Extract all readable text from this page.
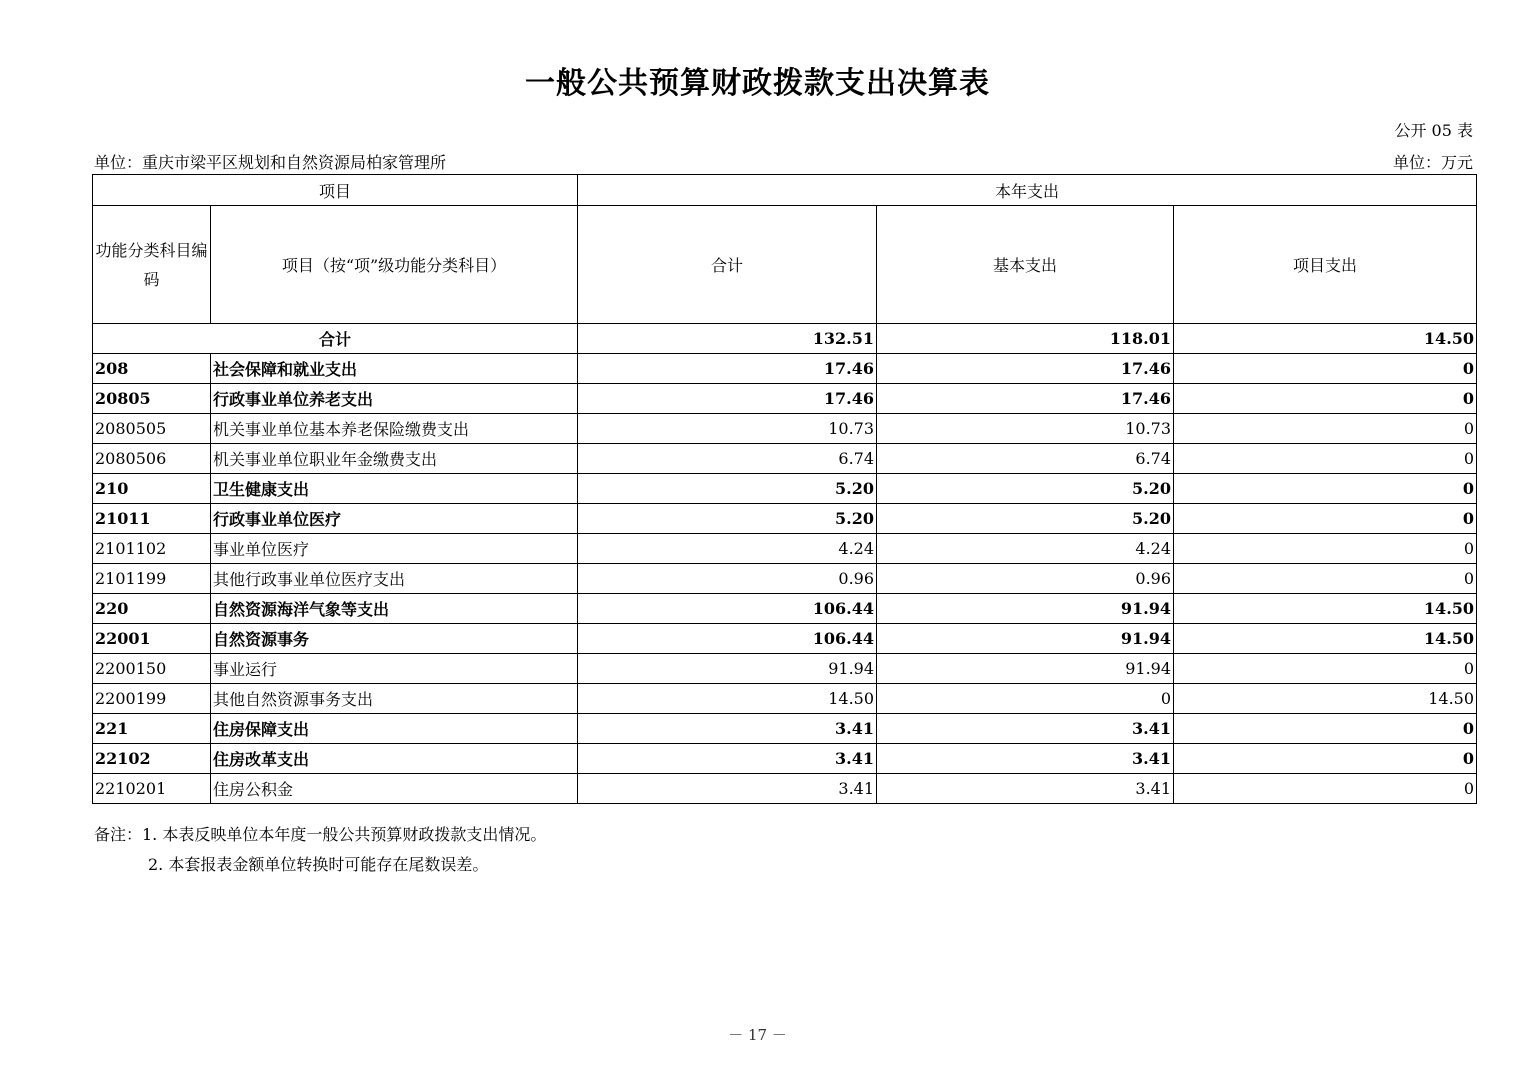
一般公共预算财政拨款支出决算表
公开 05 表
单位：重庆市梁平区规划和自然资源局柏家管理所	单位：万元
项目		本年支出		
功能分类科目编码	项目（按“项”级功能分类科目）	合计	基本支出	项目支出
合计		132.51	118.01	14.50
208	社会保障和就业支出	17.46	17.46	0
20805	行政事业单位养老支出	17.46	17.46	0
2080505	机关事业单位基本养老保险缴费支出	10.73	10.73	0
2080506	机关事业单位职业年金缴费支出	6.74	6.74	0
210	卫生健康支出	5.20	5.20	0
21011	行政事业单位医疗	5.20	5.20	0
2101102	事业单位医疗	4.24	4.24	0
2101199	其他行政事业单位医疗支出	0.96	0.96	0
220	自然资源海洋气象等支出	106.44	91.94	14.50
22001	自然资源事务	106.44	91.94	14.50
2200150	事业运行	91.94	91.94	0
2200199	其他自然资源事务支出	14.50	0	14.50
221	住房保障支出	3.41	3.41	0
22102	住房改革支出	3.41	3.41	0
2210201	住房公积金	3.41	3.41	0
备注：1. 本表反映单位本年度一般公共预算财政拨款支出情况。
2. 本套报表金额单位转换时可能存在尾数误差。
－ 17 －
